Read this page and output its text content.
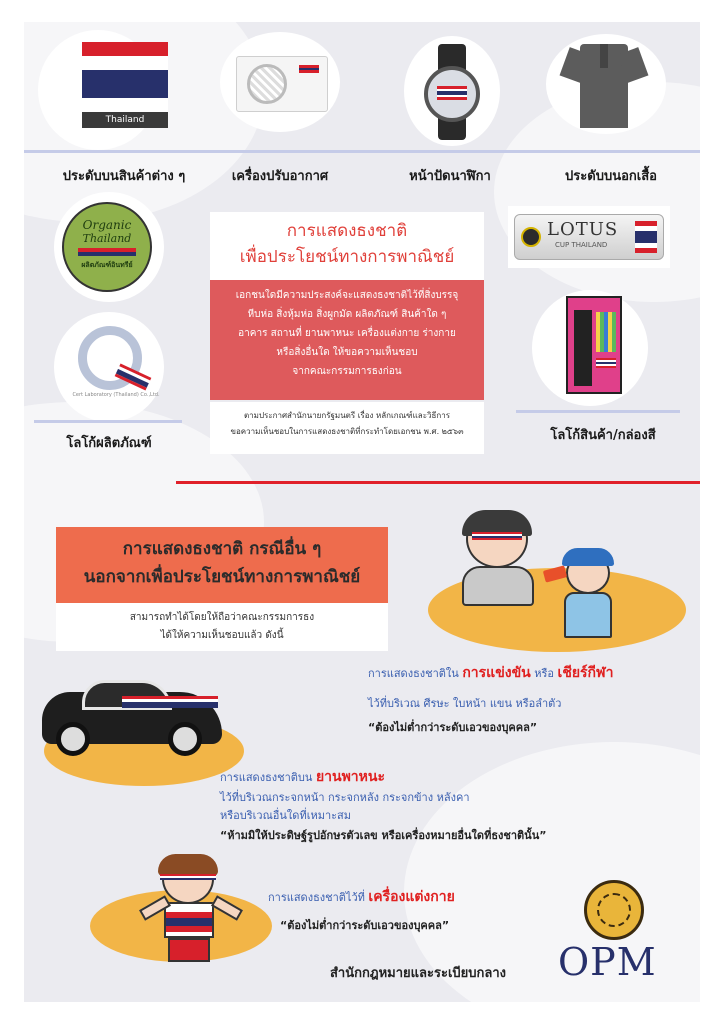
Thailand
ประดับบนสินค้าต่าง ๆ	เครื่องปรับอากาศ	หน้าปัดนาฬิกา	ประดับบนอกเสื้อ
Organic
Thailand
ผลิตภัณฑ์อินทรีย์
Cert Laboratory (Thailand) Co.,Ltd.
โลโก้ผลิตภัณฑ์
การแสดงธงชาติ
เพื่อประโยชน์ทางการพาณิชย์
เอกชนใดมีความประสงค์จะแสดงธงชาติไว้ที่สิ่งบรรจุ
หีบห่อ สิ่งหุ้มห่อ สิ่งผูกมัด ผลิตภัณฑ์ สินค้าใด ๆ
อาคาร สถานที่ ยานพาหนะ เครื่องแต่งกาย ร่างกาย
หรือสิ่งอื่นใด ให้ขอความเห็นชอบ
จากคณะกรรมการธงก่อน
ตามประกาศสำนักนายกรัฐมนตรี เรื่อง หลักเกณฑ์และวิธีการ
ขอความเห็นชอบในการแสดงธงชาติที่กระทำโดยเอกชน พ.ศ. ๒๕๖๓
LOTUS
CUP THAILAND
โลโก้สินค้า/กล่องสี
การแสดงธงชาติ กรณีอื่น ๆ
นอกจากเพื่อประโยชน์ทางการพาณิชย์
สามารถทำได้โดยให้ถือว่าคณะกรรมการธง
ได้ให้ความเห็นชอบแล้ว ดังนี้
การแสดงธงชาติใน การแข่งขัน หรือ เชียร์กีฬา
ไว้ที่บริเวณ ศีรษะ ใบหน้า แขน หรือลำตัว
“ต้องไม่ต่ำกว่าระดับเอวของบุคคล”
การแสดงธงชาติบน ยานพาหนะ
ไว้ที่บริเวณกระจกหน้า กระจกหลัง กระจกข้าง หลังคา
หรือบริเวณอื่นใดที่เหมาะสม
“ห้ามมิให้ประดิษฐ์รูปอักษรตัวเลข หรือเครื่องหมายอื่นใดที่ธงชาตินั้น”
การแสดงธงชาติไว้ที่ เครื่องแต่งกาย
“ต้องไม่ต่ำกว่าระดับเอวของบุคคล”
สำนักกฎหมายและระเบียบกลาง OPM
